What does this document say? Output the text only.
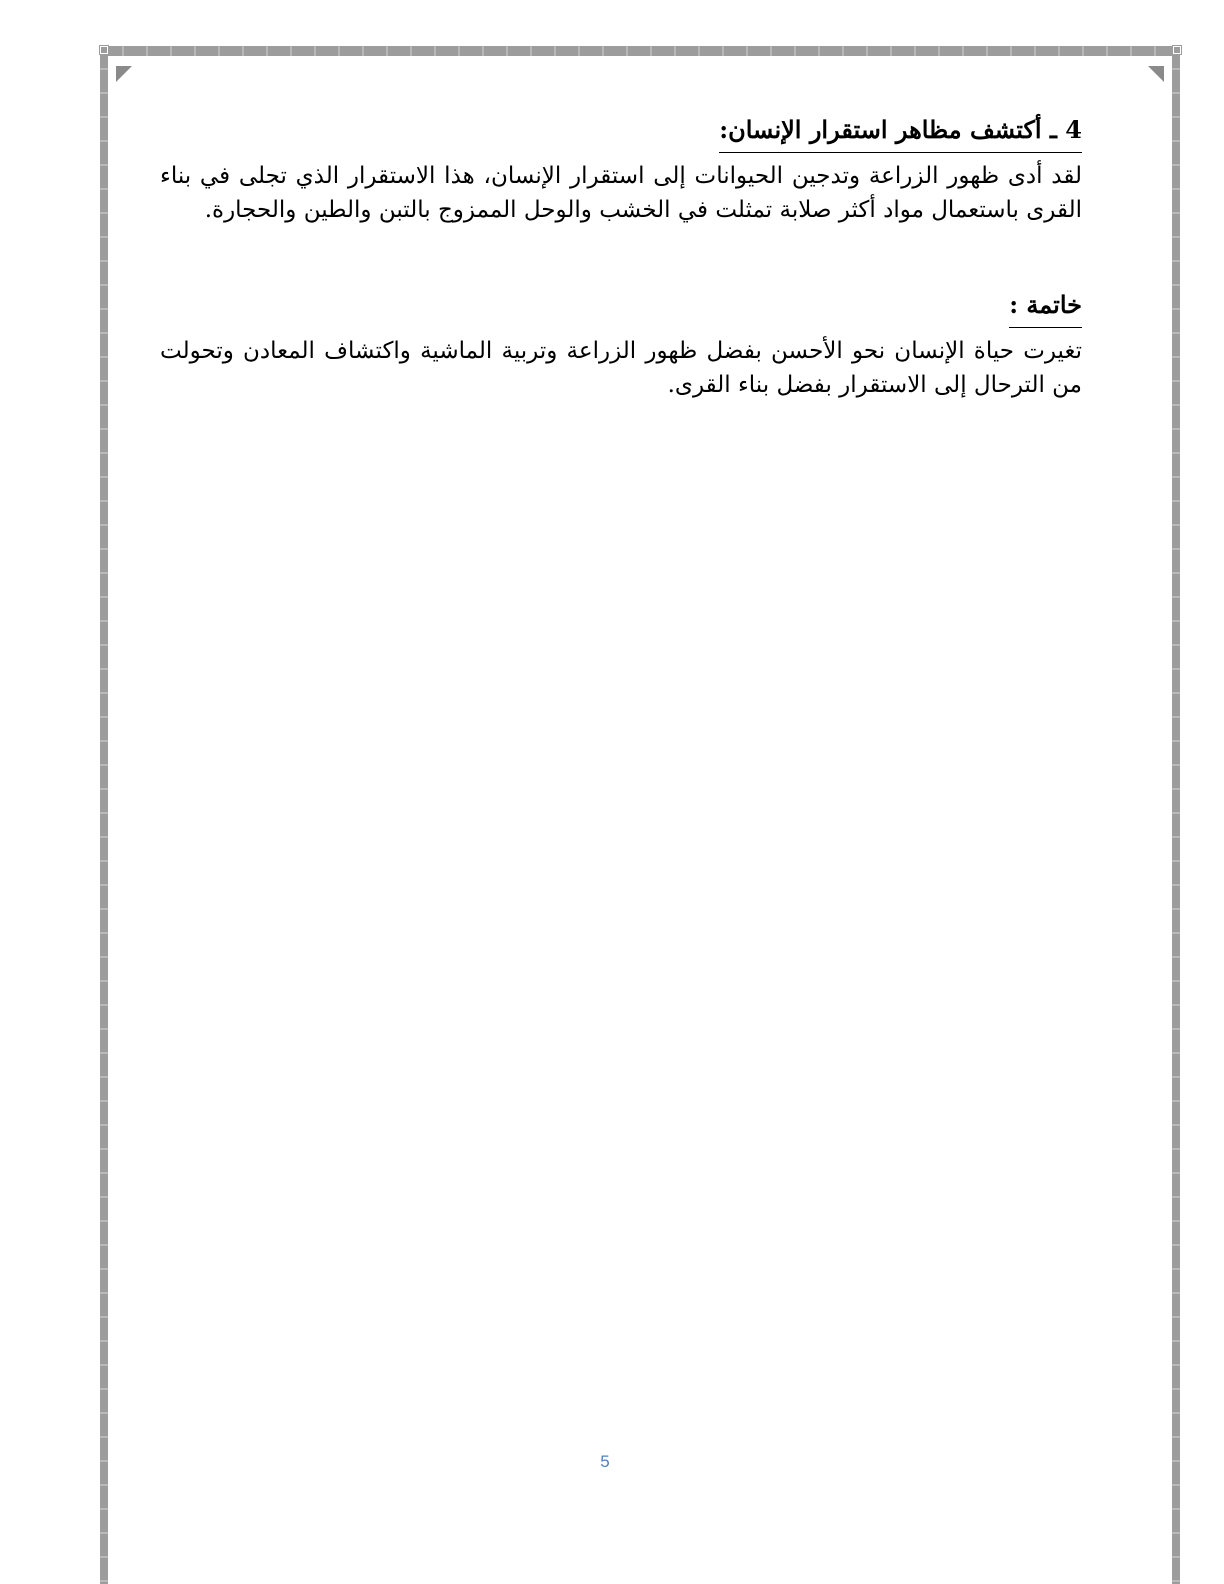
4 ـ أكتشف مظاهر استقرار الإنسان:

لقد أدى ظهور الزراعة وتدجين الحيوانات إلى استقرار الإنسان، هذا الاستقرار الذي تجلى في بناء القرى باستعمال مواد أكثر صلابة تمثلت في الخشب والوحل الممزوج بالتبن والطين والحجارة.

خاتمة :

تغيرت حياة الإنسان نحو الأحسن بفضل ظهور الزراعة وتربية الماشية واكتشاف المعادن وتحولت من الترحال إلى الاستقرار بفضل بناء القرى.

5
